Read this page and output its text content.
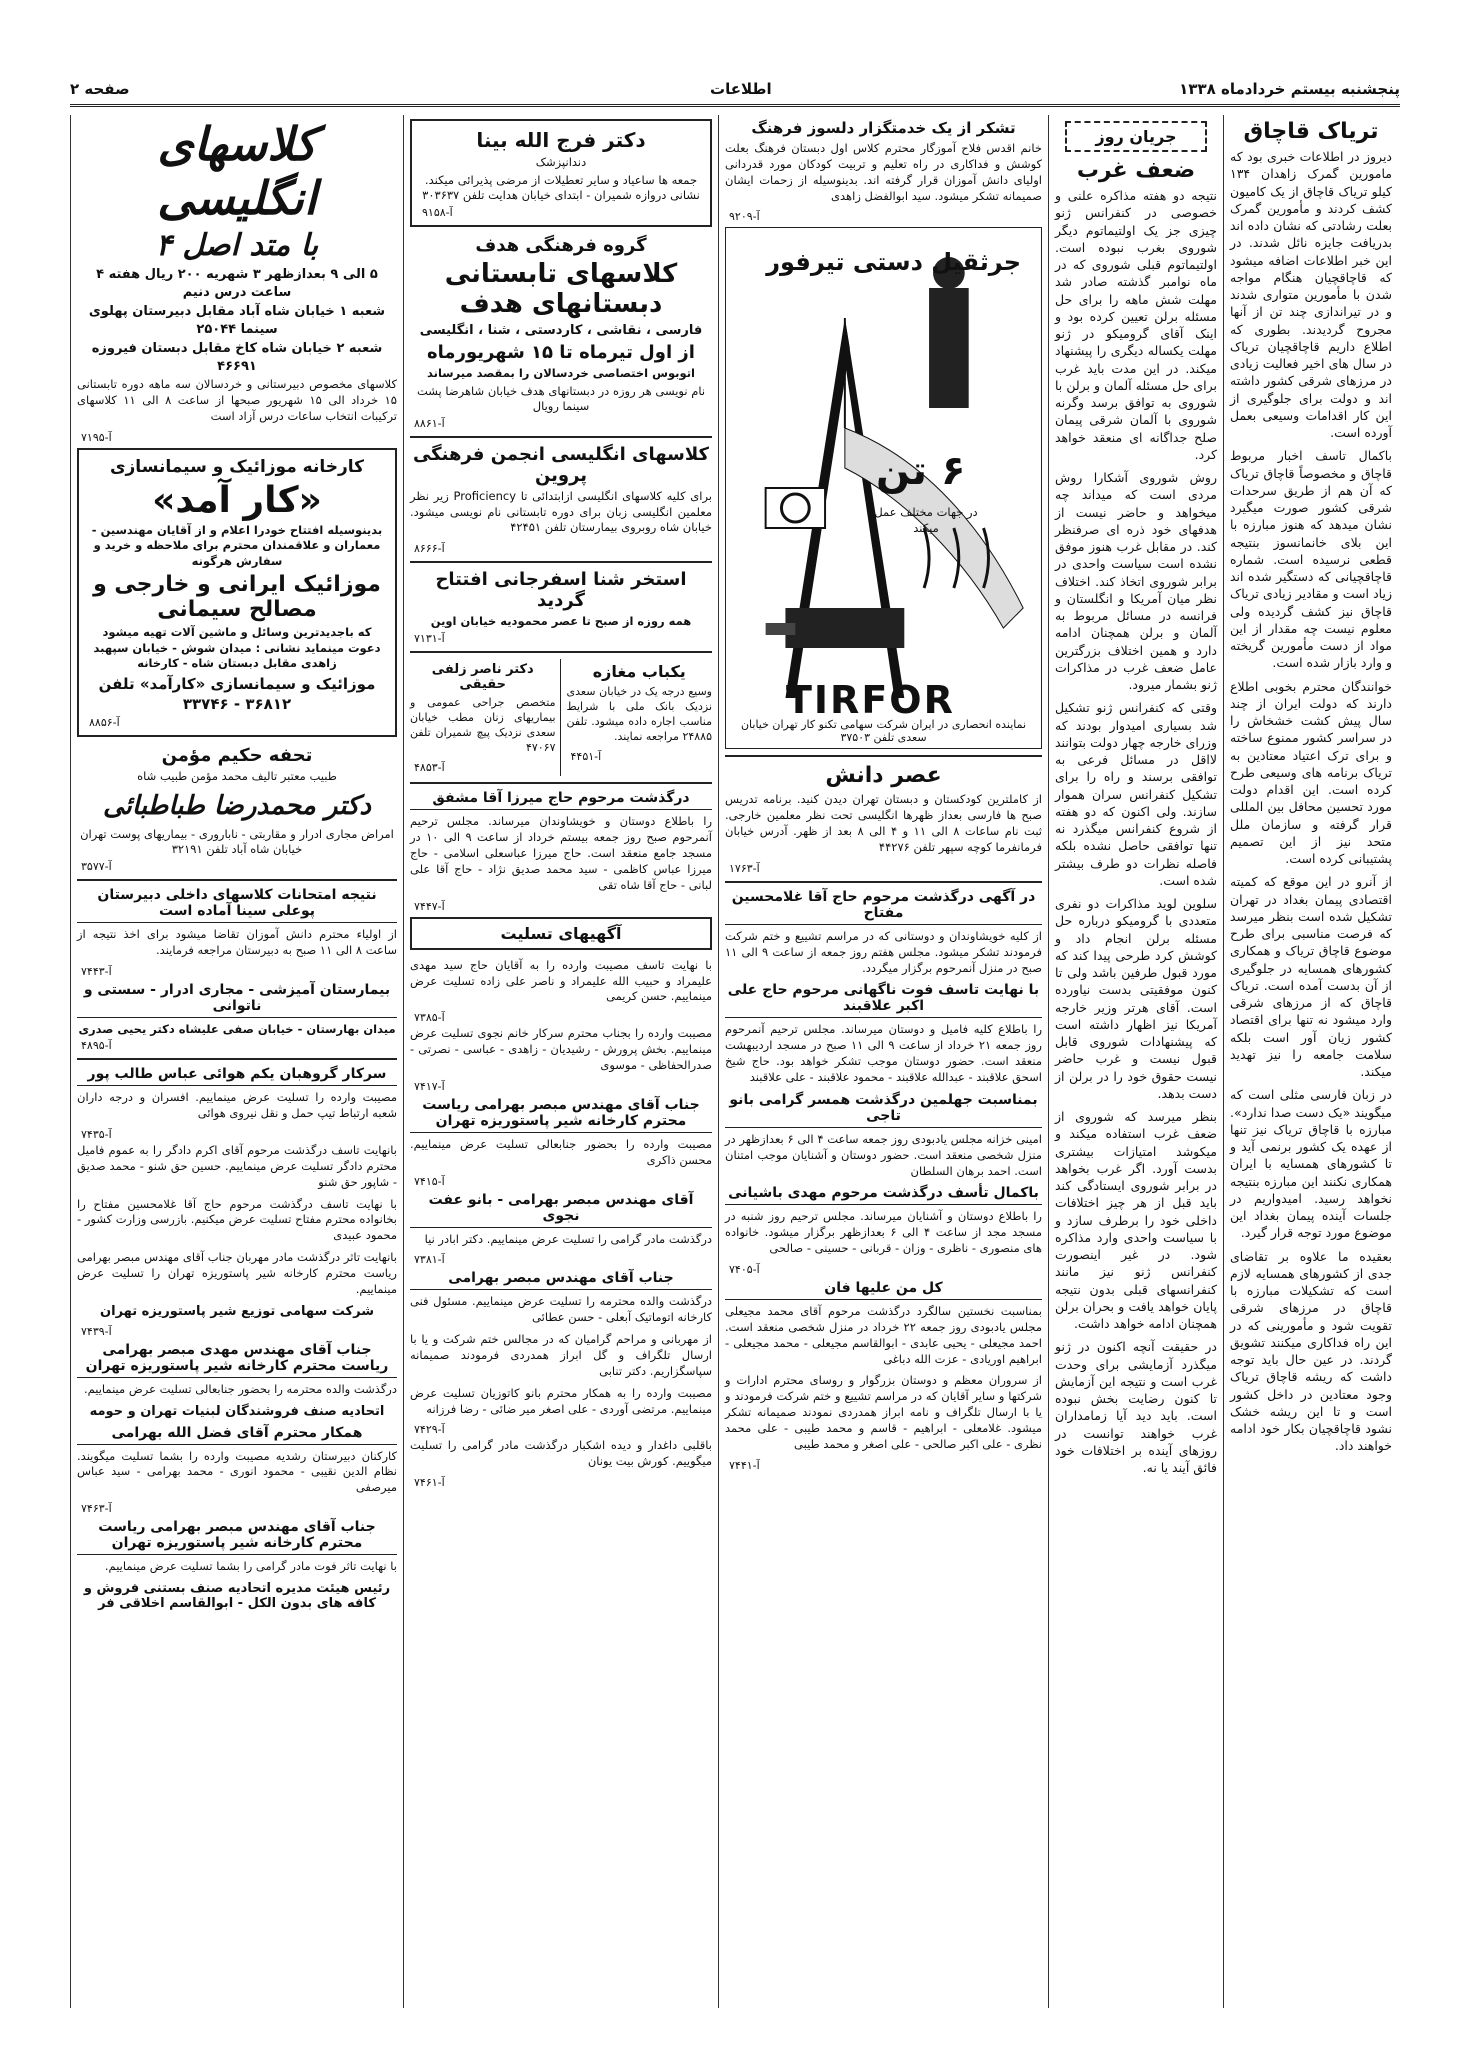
صفحه ۲	اطلاعات	پنجشنبه بیستم خردادماه ۱۳۳۸
تریاک قاچاق

دیروز در اطلاعات خبری بود که مامورین گمرک زاهدان ۱۳۴ کیلو تریاک قاچاق از یک کامیون کشف کردند و مأمورین گمرک بعلت رشادتی که نشان داده اند بدریافت جایزه نائل شدند. در این خبر اطلاعات اضافه میشود که قاچاقچیان هنگام مواجه شدن با مأمورین متواری شدند و در تیراندازی چند تن از آنها مجروح گردیدند. بطوری که اطلاع داریم قاچاقچیان تریاک در سال های اخیر فعالیت زیادی در مرزهای شرقی کشور داشته اند و دولت برای جلوگیری از این کار اقدامات وسیعی بعمل آورده است.

باکمال تاسف اخبار مربوط قاچاق و مخصوصاً قاچاق تریاک که آن هم از طریق سرحدات شرقی کشور صورت میگیرد نشان میدهد که هنوز مبارزه با این بلای خانمانسوز بنتیجه قطعی نرسیده است. شماره قاچاقچیانی که دستگیر شده اند زیاد است و مقادیر زیادی تریاک قاچاق نیز کشف گردیده ولی معلوم نیست چه مقدار از این مواد از دست مأمورین گریخته و وارد بازار شده است.

خوانندگان محترم بخوبی اطلاع دارند که دولت ایران از چند سال پیش کشت خشخاش را در سراسر کشور ممنوع ساخته و برای ترک اعتیاد معتادین به تریاک برنامه های وسیعی طرح کرده است. این اقدام دولت مورد تحسین محافل بین المللی قرار گرفته و سازمان ملل متحد نیز از این تصمیم پشتیبانی کرده است.

از آنرو در این موقع که کمیته اقتصادی پیمان بغداد در تهران تشکیل شده است بنظر میرسد که فرصت مناسبی برای طرح موضوع قاچاق تریاک و همکاری کشورهای همسایه در جلوگیری از آن بدست آمده است. تریاک قاچاق که از مرزهای شرقی وارد میشود نه تنها برای اقتصاد کشور زیان آور است بلکه سلامت جامعه را نیز تهدید میکند.

در زبان فارسی مثلی است که میگویند «یک دست صدا ندارد». مبارزه با قاچاق تریاک نیز تنها از عهده یک کشور برنمی آید و تا کشورهای همسایه با ایران همکاری نکنند این مبارزه بنتیجه نخواهد رسید. امیدواریم در جلسات آینده پیمان بغداد این موضوع مورد توجه قرار گیرد.

بعقیده ما علاوه بر تقاضای جدی از کشورهای همسایه لازم است که تشکیلات مبارزه با قاچاق در مرزهای شرقی تقویت شود و مأمورینی که در این راه فداکاری میکنند تشویق گردند. در عین حال باید توجه داشت که ریشه قاچاق تریاک وجود معتادین در داخل کشور است و تا این ریشه خشک نشود قاچاقچیان بکار خود ادامه خواهند داد.

جریان روز
ضعف غرب

نتیجه دو هفته مذاکره علنی و خصوصی در کنفرانس ژنو چیزی جز یک اولتیماتوم دیگر شوروی بغرب نبوده است. اولتیماتوم قبلی شوروی که در ماه نوامبر گذشته صادر شد مهلت شش ماهه را برای حل مسئله برلن تعیین کرده بود و اینک آقای گرومیکو در ژنو مهلت یکساله دیگری را پیشنهاد میکند. در این مدت باید غرب برای حل مسئله آلمان و برلن با شوروی به توافق برسد وگرنه شوروی با آلمان شرقی پیمان صلح جداگانه ای منعقد خواهد کرد.

روش شوروی آشکارا روش مردی است که میداند چه میخواهد و حاضر نیست از هدفهای خود ذره ای صرفنظر کند. در مقابل غرب هنوز موفق نشده است سیاست واحدی در برابر شوروی اتخاذ کند. اختلاف نظر میان آمریکا و انگلستان و فرانسه در مسائل مربوط به آلمان و برلن همچنان ادامه دارد و همین اختلاف بزرگترین عامل ضعف غرب در مذاکرات ژنو بشمار میرود.

وقتی که کنفرانس ژنو تشکیل شد بسیاری امیدوار بودند که وزرای خارجه چهار دولت بتوانند لااقل در مسائل فرعی به توافقی برسند و راه را برای تشکیل کنفرانس سران هموار سازند. ولی اکنون که دو هفته از شروع کنفرانس میگذرد نه تنها توافقی حاصل نشده بلکه فاصله نظرات دو طرف بیشتر شده است.

سلوین لوید مذاکرات دو نفری متعددی با گرومیکو درباره حل مسئله برلن انجام داد و کوشش کرد طرحی پیدا کند که مورد قبول طرفین باشد ولی تا کنون موفقیتی بدست نیاورده است. آقای هرتر وزیر خارجه آمریکا نیز اظهار داشته است که پیشنهادات شوروی قابل قبول نیست و غرب حاضر نیست حقوق خود را در برلن از دست بدهد.

بنظر میرسد که شوروی از ضعف غرب استفاده میکند و میکوشد امتیازات بیشتری بدست آورد. اگر غرب بخواهد در برابر شوروی ایستادگی کند باید قبل از هر چیز اختلافات داخلی خود را برطرف سازد و با سیاست واحدی وارد مذاکره شود. در غیر اینصورت کنفرانس ژنو نیز مانند کنفرانسهای قبلی بدون نتیجه پایان خواهد یافت و بحران برلن همچنان ادامه خواهد داشت.

در حقیقت آنچه اکنون در ژنو میگذرد آزمایشی برای وحدت غرب است و نتیجه این آزمایش تا کنون رضایت بخش نبوده است. باید دید آیا زمامداران غرب خواهند توانست در روزهای آینده بر اختلافات خود فائق آیند یا نه.

تشکر از یک خدمتگزار دلسوز فرهنگ

خانم اقدس فلاح آموزگار محترم کلاس اول دبستان فرهنگ بعلت کوشش و فداکاری در راه تعلیم و تربیت کودکان مورد قدردانی اولیای دانش آموزان قرار گرفته اند. بدینوسیله از زحمات ایشان صمیمانه تشکر میشود. سید ابوالفضل زاهدی

آ-۹۲۰۹
جرثقیل دستی تیرفور
۶ تن
در جهات مختلف عمل میکند
TIRFOR
نماینده انحصاری در ایران شرکت سهامی تکنو کار تهران خیابان سعدی تلفن ۳۷۵۰۳
عصر دانش

از کاملترین کودکستان و دبستان تهران دیدن کنید. برنامه تدریس صبح ها فارسی بعداز ظهرها انگلیسی تحت نظر معلمین خارجی. ثبت نام ساعات ۸ الی ۱۱ و ۴ الی ۸ بعد از ظهر. آدرس خیابان فرمانفرما کوچه سپهر تلفن ۴۴۲۷۶

آ-۱۷۶۳
در آگهی درگذشت مرحوم حاج آقا غلامحسین مفتاح

از کلیه خویشاوندان و دوستانی که در مراسم تشییع و ختم شرکت فرمودند تشکر میشود. مجلس هفتم روز جمعه از ساعت ۹ الی ۱۱ صبح در منزل آنمرحوم برگزار میگردد.

با نهایت تاسف فوت ناگهانی مرحوم حاج علی اکبر علاقبند

را باطلاع کلیه فامیل و دوستان میرساند. مجلس ترحیم آنمرحوم روز جمعه ۲۱ خرداد از ساعت ۹ الی ۱۱ صبح در مسجد اردیبهشت منعقد است. حضور دوستان موجب تشکر خواهد بود. حاج شیخ اسحق علاقبند - عبدالله علاقبند - محمود علاقبند - علی علاقبند

بمناسبت جهلمین درگذشت همسر گرامی بانو تاجی

امینی خزانه مجلس یادبودی روز جمعه ساعت ۴ الی ۶ بعدازظهر در منزل شخصی منعقد است. حضور دوستان و آشنایان موجب امتنان است. احمد برهان السلطان

باکمال تأسف درگذشت مرحوم مهدی باشیانی

را باطلاع دوستان و آشنایان میرساند. مجلس ترحیم روز شنبه در مسجد مجد از ساعت ۴ الی ۶ بعدازظهر برگزار میشود. خانواده های منصوری - ناظری - وزان - قربانی - حسینی - صالحی

آ-۷۴۰۵
کل من علیها فان

بمناسبت نخستین سالگرد درگذشت مرحوم آقای محمد مجیعلی مجلس یادبودی روز جمعه ۲۲ خرداد در منزل شخصی منعقد است. احمد مجیعلی - یحیی عابدی - ابوالقاسم مجیعلی - محمد مجیعلی - ابراهیم اوریادی - عزت الله دباغی

از سروران معظم و دوستان بزرگوار و روسای محترم ادارات و شرکتها و سایر آقایان که در مراسم تشییع و ختم شرکت فرمودند و یا با ارسال تلگراف و نامه ابراز همدردی نمودند صمیمانه تشکر میشود. غلامعلی - ابراهیم - قاسم و محمد طیبی - علی محمد نظری - علی اکبر صالحی - علی اصغر و محمد طیبی

آ-۷۴۴۱
دکتر فرج الله بینا
دندانپزشک
جمعه ها ساعیاد و سایر تعطیلات از مرضی پذیرائی میکند. نشانی دروازه شمیران - ابتدای خیابان هدایت تلفن ۳۰۳۶۳۷
آ-۹۱۵۸
گروه فرهنگی هدف
کلاسهای تابستانی دبستانهای هدف
فارسی ، نقاشی ، کاردستی ، شنا ، انگلیسی
از اول تیرماه تا ۱۵ شهریورماه
اتوبوس اختصاصی خردسالان را بمقصد میرساند
نام نویسی هر روزه در دبستانهای هدف خیابان شاهرضا پشت سینما رویال
آ-۸۸۶۱
کلاسهای انگلیسی انجمن فرهنگی پروین

برای کلیه کلاسهای انگلیسی ازابتدائی تا Proficiency زیر نظر معلمین انگلیسی زبان برای دوره تابستانی نام نویسی میشود. خیابان شاه روبروی بیمارستان تلفن ۴۲۴۵۱

آ-۸۶۶۶
استخر شنا اسفرجانی افتتاح گردید
همه روزه از صبح تا عصر محمودیه خیابان اوین
آ-۷۱۳۱
یکباب مغازه

وسیع درجه یک در خیابان سعدی نزدیک بانک ملی با شرایط مناسب اجاره داده میشود. تلفن ۲۴۸۸۵ مراجعه نمایند.

آ-۴۴۵۱
دکتر ناصر زلفی حقیقی

متخصص جراحی عمومی و بیماریهای زنان مطب خیابان سعدی نزدیک پیچ شمیران تلفن ۴۷۰۶۷

آ-۴۸۵۳
درگذشت مرحوم حاج میرزا آقا مشفق

را باطلاع دوستان و خویشاوندان میرساند. مجلس ترحیم آنمرحوم صبح روز جمعه بیستم خرداد از ساعت ۹ الی ۱۰ در مسجد جامع منعقد است. حاج میرزا عباسعلی اسلامی - حاج میرزا عباس کاظمی - سید محمد صدیق نژاد - حاج آقا علی لبانی - حاج آقا شاه تقی

آ-۷۴۴۷
آگهیهای تسلیت

با نهایت تاسف مصیبت وارده را به آقایان حاج سید مهدی علیمراد و حبیب الله علیمراد و ناصر علی زاده تسلیت عرض مینماییم. حسن کریمی

آ-۷۳۸۵

مصیبت وارده را بجناب محترم سرکار خانم نجوی تسلیت عرض مینماییم. بخش پرورش - رشیدیان - زاهدی - عباسی - نصرتی - صدرالحفاظی - موسوی

آ-۷۴۱۷
جناب آقای مهندس مبصر بهرامی ریاست محترم کارخانه شیر پاستوریزه تهران

مصیبت وارده را بحضور جنابعالی تسلیت عرض مینماییم. محسن ذاکری

آ-۷۴۱۵
آقای مهندس مبصر بهرامی - بانو عفت نجوی

درگذشت مادر گرامی را تسلیت عرض مینماییم. دکتر ابادر نیا

آ-۷۳۸۱
جناب آقای مهندس مبصر بهرامی

درگذشت والده محترمه را تسلیت عرض مینماییم. مسئول فنی کارخانه اتوماتیک آبعلی - حسن عطائی

از مهربانی و مراحم گرامیان که در مجالس ختم شرکت و یا با ارسال تلگراف و گل ابراز همدردی فرمودند صمیمانه سپاسگزاریم. دکتر تنابی

مصیبت وارده را به همکار محترم بانو کاتوزیان تسلیت عرض مینماییم. مرتضی آوردی - علی اصغر میر ضائی - رضا فرزانه

آ-۷۴۲۹

باقلبی داغدار و دیده اشکبار درگذشت مادر گرامی را تسلیت میگوییم. کورش بیت یونان

آ-۷۴۶۱
کلاسهای انگلیسی
با متد اصل ۴
۵ الی ۹ بعدازظهر ۳ شهریه ۲۰۰ ریال هفته ۴ ساعت درس دنیم
شعبه ۱ خیابان شاه آباد مقابل دبیرستان پهلوی سینما ۲۵۰۴۴
شعبه ۲ خیابان شاه کاخ مقابل دبستان فیروزه ۴۶۶۹۱

کلاسهای مخصوص دبیرستانی و خردسالان سه ماهه دوره تابستانی ۱۵ خرداد الی ۱۵ شهریور صبحها از ساعت ۸ الی ۱۱ کلاسهای ترکیبات انتخاب ساعات درس آزاد است

آ-۷۱۹۵
کارخانه موزائیک و سیمانسازی
«کار آمد»
بدینوسیله افتتاح خودرا اعلام و از آقایان مهندسین - معماران و علاقمندان محترم برای ملاحظه و خرید و سفارش هرگونه
موزائیک ایرانی و خارجی و مصالح سیمانی
که باجدیدترین وسائل و ماشین آلات تهیه میشود دعوت مینماید نشانی : میدان شوش - خیابان سپهبد زاهدی مقابل دبستان شاه - کارخانه
موزائیک و سیمانسازی «کارآمد» تلفن ۳۶۸۱۲ - ۳۳۷۴۶
آ-۸۸۵۶
تحفه حکیم مؤمن
طبیب معتبر تالیف محمد مؤمن طبیب شاه
دکتر محمدرضا طباطبائی
امراض مجاری ادرار و مقاربتی - ناباروری - بیماریهای پوست تهران خیابان شاه آباد تلفن ۳۲۱۹۱
آ-۳۵۷۷
نتیجه امتحانات کلاسهای داخلی دبیرستان پوعلی سینا آماده است

از اولیاء محترم دانش آموزان تقاضا میشود برای اخذ نتیجه از ساعت ۸ الی ۱۱ صبح به دبیرستان مراجعه فرمایند.

آ-۷۴۴۳
بیمارستان آمیزشی - مجاری ادرار - سستی و ناتوانی
میدان بهارستان - خیابان صفی علیشاه دکتر یحیی صدری
آ-۴۸۹۵
سرکار گروهبان یکم هوائی عباس طالب پور

مصیبت وارده را تسلیت عرض مینماییم. افسران و درجه داران شعبه ارتباط تیپ حمل و نقل نیروی هوائی

آ-۷۴۳۵

بانهایت تاسف درگذشت مرحوم آقای اکرم دادگر را به عموم فامیل محترم دادگر تسلیت عرض مینماییم. حسین حق شنو - محمد صدیق - شاپور حق شنو

با نهایت تاسف درگذشت مرحوم حاج آقا غلامحسین مفتاح را بخانواده محترم مفتاح تسلیت عرض میکنیم. بازرسی وزارت کشور - محمود عبیدی

بانهایت تاثر درگذشت مادر مهربان جناب آقای مهندس مبصر بهرامی ریاست محترم کارخانه شیر پاستوریزه تهران را تسلیت عرض مینماییم.

شرکت سهامی توزیع شیر پاستوریزه تهران
آ-۷۴۳۹
جناب آقای مهندس مهدی مبصر بهرامی ریاست محترم کارخانه شیر پاستوریزه تهران

درگذشت والده محترمه را بحضور جنابعالی تسلیت عرض مینماییم.

اتحادیه صنف فروشندگان لبنیات تهران و حومه
همکار محترم آقای فضل الله بهرامی

کارکنان دبیرستان رشدیه مصیبت وارده را بشما تسلیت میگویند. نظام الدین نقیبی - محمود انوری - محمد بهرامی - سید عباس میرصفی

آ-۷۴۶۳
جناب آقای مهندس مبصر بهرامی ریاست محترم کارخانه شیر پاستوریزه تهران

با نهایت تاثر فوت مادر گرامی را بشما تسلیت عرض مینماییم.

رئیس هیئت مدیره اتحادیه صنف بستنی فروش و کافه های بدون الکل - ابوالقاسم اخلاقی فر
